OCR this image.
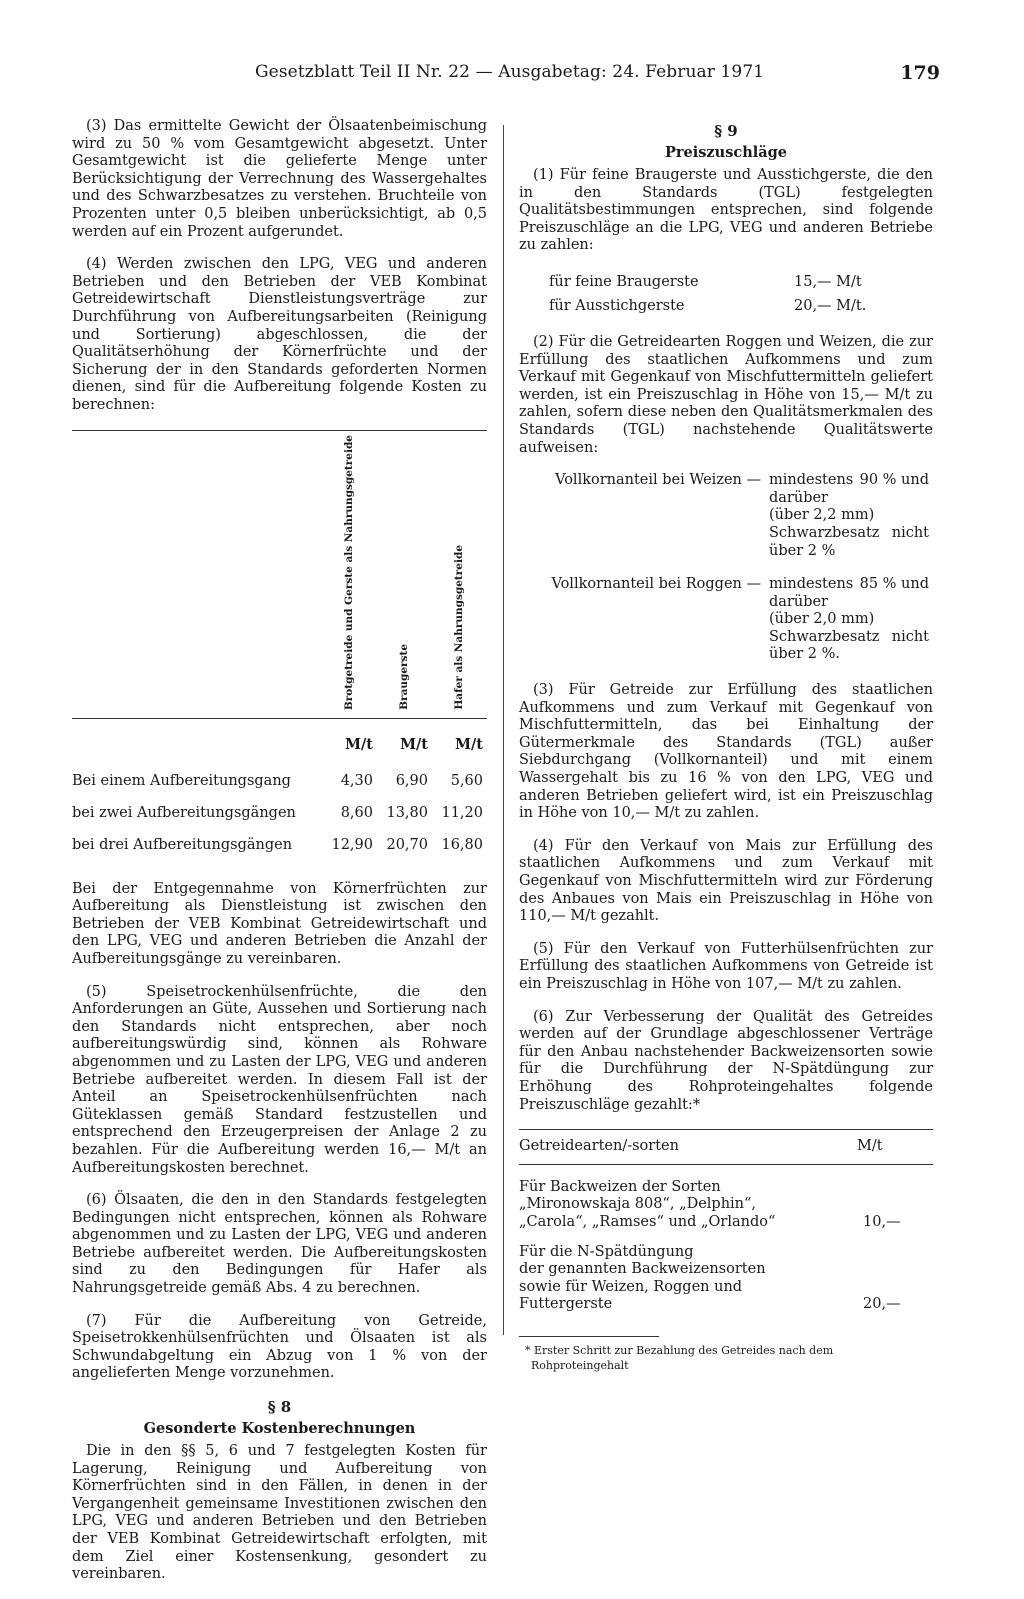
Gesetzblatt Teil II Nr. 22 — Ausgabetag: 24. Februar 1971	179

(3) Das ermittelte Gewicht der Ölsaatenbeimischung wird zu 50 % vom Gesamtgewicht abgesetzt. Unter Gesamtgewicht ist die gelieferte Menge unter Berücksichtigung der Verrechnung des Wassergehaltes und des Schwarzbesatzes zu verstehen. Bruchteile von Prozenten unter 0,5 bleiben unberücksichtigt, ab 0,5 werden auf ein Prozent aufgerundet.

(4) Werden zwischen den LPG, VEG und anderen Betrieben und den Betrieben der VEB Kombinat Getreidewirtschaft Dienstleistungsverträge zur Durchführung von Aufbereitungsarbeiten (Reinigung und Sortierung) abgeschlossen, die der Qualitätserhöhung der Körnerfrüchte und der Sicherung der in den Standards geforderten Normen dienen, sind für die Aufbereitung folgende Kosten zu berechnen:

	Brotgetreide und Gerste als Nahrungsgetreide	Braugerste	Hafer als Nahrungsgetreide
	M/t	M/t	M/t
Bei einem Aufbereitungsgang	4,30	6,90	5,60
bei zwei Aufbereitungsgängen	8,60	13,80	11,20
bei drei Aufbereitungsgängen	12,90	20,70	16,80

Bei der Entgegennahme von Körnerfrüchten zur Aufbereitung als Dienstleistung ist zwischen den Betrieben der VEB Kombinat Getreidewirtschaft und den LPG, VEG und anderen Betrieben die Anzahl der Aufbereitungsgänge zu vereinbaren.

(5) Speisetrockenhülsenfrüchte, die den Anforderungen an Güte, Aussehen und Sortierung nach den Standards nicht entsprechen, aber noch aufbereitungswürdig sind, können als Rohware abgenommen und zu Lasten der LPG, VEG und anderen Betriebe aufbereitet werden. In diesem Fall ist der Anteil an Speisetrockenhülsenfrüchten nach Güteklassen gemäß Standard festzustellen und entsprechend den Erzeugerpreisen der Anlage 2 zu bezahlen. Für die Aufbereitung werden 16,— M/t an Aufbereitungskosten berechnet.

(6) Ölsaaten, die den in den Standards festgelegten Bedingungen nicht entsprechen, können als Rohware abgenommen und zu Lasten der LPG, VEG und anderen Betriebe aufbereitet werden. Die Aufbereitungskosten sind zu den Bedingungen für Hafer als Nahrungsgetreide gemäß Abs. 4 zu berechnen.

(7) Für die Aufbereitung von Getreide, Speisetrokkenhülsenfrüchten und Ölsaaten ist als Schwundabgeltung ein Abzug von 1 % von der angelieferten Menge vorzunehmen.

§ 8
Gesonderte Kostenberechnungen

Die in den §§ 5, 6 und 7 festgelegten Kosten für Lagerung, Reinigung und Aufbereitung von Körnerfrüchten sind in den Fällen, in denen in der Vergangenheit gemeinsame Investitionen zwischen den LPG, VEG und anderen Betrieben und den Betrieben der VEB Kombinat Getreidewirtschaft erfolgten, mit dem Ziel einer Kostensenkung, gesondert zu vereinbaren.

§ 9
Preiszuschläge

(1) Für feine Braugerste und Ausstichgerste, die den in den Standards (TGL) festgelegten Qualitätsbestimmungen entsprechen, sind folgende Preiszuschläge an die LPG, VEG und anderen Betriebe zu zahlen:

für feine Braugerste	15,— M/t
für Ausstichgerste	20,— M/t.

(2) Für die Getreidearten Roggen und Weizen, die zur Erfüllung des staatlichen Aufkommens und zum Verkauf mit Gegenkauf von Mischfuttermitteln geliefert werden, ist ein Preiszuschlag in Höhe von 15,— M/t zu zahlen, sofern diese neben den Qualitätsmerkmalen des Standards (TGL) nachstehende Qualitätswerte aufweisen:

Vollkornanteil bei Weizen — mindestens 90 % und
darüber
(über 2,2 mm)
Schwarzbesatz nicht
über 2 %
Vollkornanteil bei Roggen — mindestens 85 % und
darüber
(über 2,0 mm)
Schwarzbesatz nicht
über 2 %.

(3) Für Getreide zur Erfüllung des staatlichen Aufkommens und zum Verkauf mit Gegenkauf von Mischfuttermitteln, das bei Einhaltung der Gütermerkmale des Standards (TGL) außer Siebdurchgang (Vollkornanteil) und mit einem Wassergehalt bis zu 16 % von den LPG, VEG und anderen Betrieben geliefert wird, ist ein Preiszuschlag in Höhe von 10,— M/t zu zahlen.

(4) Für den Verkauf von Mais zur Erfüllung des staatlichen Aufkommens und zum Verkauf mit Gegenkauf von Mischfuttermitteln wird zur Förderung des Anbaues von Mais ein Preiszuschlag in Höhe von 110,— M/t gezahlt.

(5) Für den Verkauf von Futterhülsenfrüchten zur Erfüllung des staatlichen Aufkommens von Getreide ist ein Preiszuschlag in Höhe von 107,— M/t zu zahlen.

(6) Zur Verbesserung der Qualität des Getreides werden auf der Grundlage abgeschlossener Verträge für den Anbau nachstehender Backweizensorten sowie für die Durchführung der N-Spätdüngung zur Erhöhung des Rohproteingehaltes folgende Preiszuschläge gezahlt:*

Getreidearten/-sorten	M/t

Für Backweizen der Sorten
„Mironowskaja 808“, „Delphin“,
„Carola“, „Ramses“ und „Orlando“	10,—

Für die N-Spätdüngung
der genannten Backweizensorten
sowie für Weizen, Roggen und
Futtergerste	20,—

* Erster Schritt zur Bezahlung des Getreides nach dem Rohproteingehalt
